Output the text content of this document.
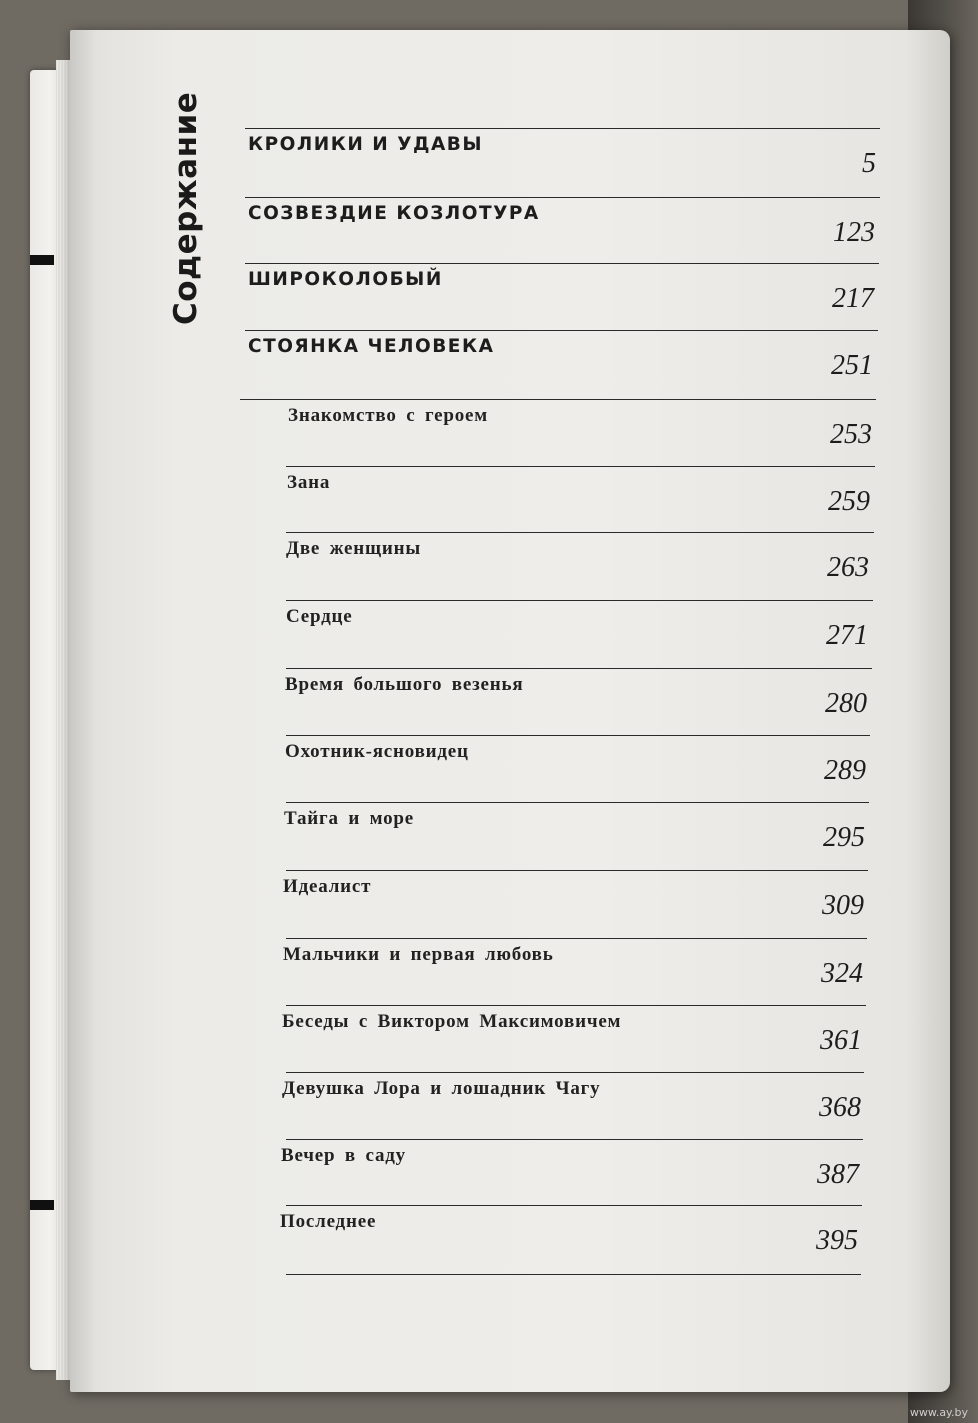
Содержание КРОЛИКИ И УДАВЫ
5
СОЗВЕЗДИЕ КОЗЛОТУРА
123
ШИРОКОЛОБЫЙ
217
СТОЯНКА ЧЕЛОВЕКА
251
Знакомство с героем
253
Зана
259
Две женщины
263
Сердце
271
Время большого везенья
280
Охотник-ясновидец
289
Тайга и море
295
Идеалист
309
Мальчики и первая любовь
324
Беседы с Виктором Максимовичем
361
Девушка Лора и лошадник Чагу
368
Вечер в саду
387
Последнее
395
www.ay.by
